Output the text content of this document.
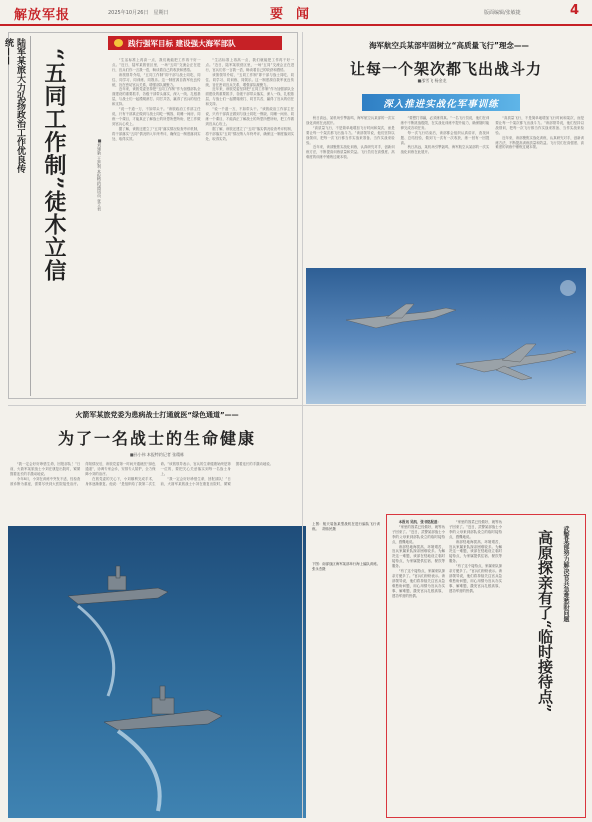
解放军报	2025年10月26日　星期日	要　闻	版面编辑/张敏捷	4
践行强军目标 建设强大海军部队
陆军某旅大力弘扬政治工作优良传统——	“五同工作制”徒木立信	■刘建新 王洪利 本报特约通讯员 张立君

“生活标准上再高一点，我们就能把工作再干好一点。”近日，陆军某旅营区里，一场“五同”交流会正在进行，官兵们你一言我一语，畅谈着自己的收获和感悟。

该旅领导介绍，“五同工作制”即干部与战士同吃、同住、同学习、同训练、同娱乐。这一制度源自我军优良传统，旨在密切官兵关系，增强部队凝聚力。

近年来，该旅党委坚持把“五同工作制”作为加强部队全面建设的重要抓手，各级干部带头落实，深入一线、扎根基层，与战士们一起摸爬滚打、同甘共苦，赢得了官兵的信任和支持。

“说一千道一万，不如带头干。”该旅政治工作部主任说，只有干部真正做到与战士同吃一锅饭、同睡一间房、同练一个课目，才能真正了解战士的所思所想所盼，把工作做到官兵心坎上。

据了解，该旅还建立了“五同”落实情况检查考评机制，将干部落实“五同”情况纳入年终考评，确保这一制度落到实处、取得实效。

“生活标准上再高一点，我们就能把工作再干好一点。”近日，陆军某旅营区里，一场“五同”交流会正在进行，官兵们你一言我一语，畅谈着自己的收获和感悟。

该旅领导介绍，“五同工作制”即干部与战士同吃、同住、同学习、同训练、同娱乐。这一制度源自我军优良传统，旨在密切官兵关系，增强部队凝聚力。

近年来，该旅党委坚持把“五同工作制”作为加强部队全面建设的重要抓手，各级干部带头落实，深入一线、扎根基层，与战士们一起摸爬滚打、同甘共苦，赢得了官兵的信任和支持。

“说一千道一万，不如带头干。”该旅政治工作部主任说，只有干部真正做到与战士同吃一锅饭、同睡一间房、同练一个课目，才能真正了解战士的所思所想所盼，把工作做到官兵心坎上。

据了解，该旅还建立了“五同”落实情况检查考评机制，将干部落实“五同”情况纳入年终考评，确保这一制度落到实处、取得实效。

海军航空兵某部牢固树立“高质量飞行”理念——
让每一个架次都飞出战斗力
■邵雪飞 杨金龙
深入推进实战化军事训练

秋日高远，某机场引擎轰鸣，海军航空兵某部的一次实战化训练在此展开。

“高质量飞行，不是简单地增加飞行时间和架次，而是要让每一个架次都飞出战斗力。”该部领导说，他们坚持以战领训，把每一次飞行都当作实战来准备、当作实战来检验。

近年来，该部聚焦实战化训练，认真研究对手，创新训练方法，不断提高训练质量和效益。飞行员们在高强度、高难度的训练中锤炼过硬本领。

“要想打得赢，必须练得真。”一名飞行员说，他们在训练中不断挑战极限，在实战化训练中提升能力，确保随时能够完成各项任务。

每一次飞行结束后，该部都会组织认真讲评，查找问题、总结经验，做到飞一次有一次收获，练一回有一回提高。

秋日高远，某机场引擎轰鸣，海军航空兵某部的一次实战化训练在此展开。

“高质量飞行，不是简单地增加飞行时间和架次，而是要让每一个架次都飞出战斗力。”该部领导说，他们坚持以战领训，把每一次飞行都当作实战来准备、当作实战来检验。

近年来，该部聚焦实战化训练，认真研究对手，创新训练方法，不断提高训练质量和效益。飞行员们在高强度、高难度的训练中锤炼过硬本领。

火箭军某旅党委为患病战士打通就医“绿色通道”——
为了一名战士的生命健康
■孙小伟 本报特约记者 张精栋

“我一定会好好珍惜生命，回报部队！”日前，火箭军某旅战士小刘在康复出院时，紧紧握着连长的手激动地说。

今年8月，小刘在训练中突发不适，经检查被诊断为重症，需要尽快到大医院接受治疗。得知情况后，该旅党委第一时间开通就医“绿色通道”，协调专家会诊，安排专人陪护，全力保障小刘的治疗。

在旅党委的关心下，小刘顺利完成手术，身体逐渐康复。他说：“是组织给了我第二次生命。”该旅领导表示，官兵的生命健康始终是第一位的，要把关心关爱落实到每一名战士身上。

“我一定会好好珍惜生命，回报部队！”日前，火箭军某旅战士小刘在康复出院时，紧紧握着连长的手激动地说。

上图：航天装备某型战机在进行编队飞行训练。　胡伟民摄
下图：南部战区海军某部举行海上编队训练。　张永杰摄

本报讯 吴凯、张书铭报道：

“家里的饭菜已经做好，就等孩子回来了。”近日，武警某部战士小李的父母来到部队设立的临时接待点，感慨地说。

该部驻地海拔高、环境艰苦，官兵家属来队探亲困难较多。为解决这一难题，该部在驻地设立临时接待点，为家属提供住宿、餐饮等服务。

“有了这个接待点，家属来队探亲方便多了。”官兵们纷纷表示。该部领导说，他们将持续关注官兵急难愁盼问题，用心用情为官兵办实事、解难题，激发官兵扎根高原、建功军营的热情。

“家里的饭菜已经做好，就等孩子回来了。”近日，武警某部战士小李的父母来到部队设立的临时接待点，感慨地说。

该部驻地海拔高、环境艰苦，官兵家属来队探亲困难较多。为解决这一难题，该部在驻地设立临时接待点，为家属提供住宿、餐饮等服务。

“有了这个接待点，家属来队探亲方便多了。”官兵们纷纷表示。该部领导说，他们将持续关注官兵急难愁盼问题，用心用情为官兵办实事、解难题，激发官兵扎根高原、建功军营的热情。	武警某部努力解决官兵急难愁盼问题
高原探亲有了“临时接待点”
